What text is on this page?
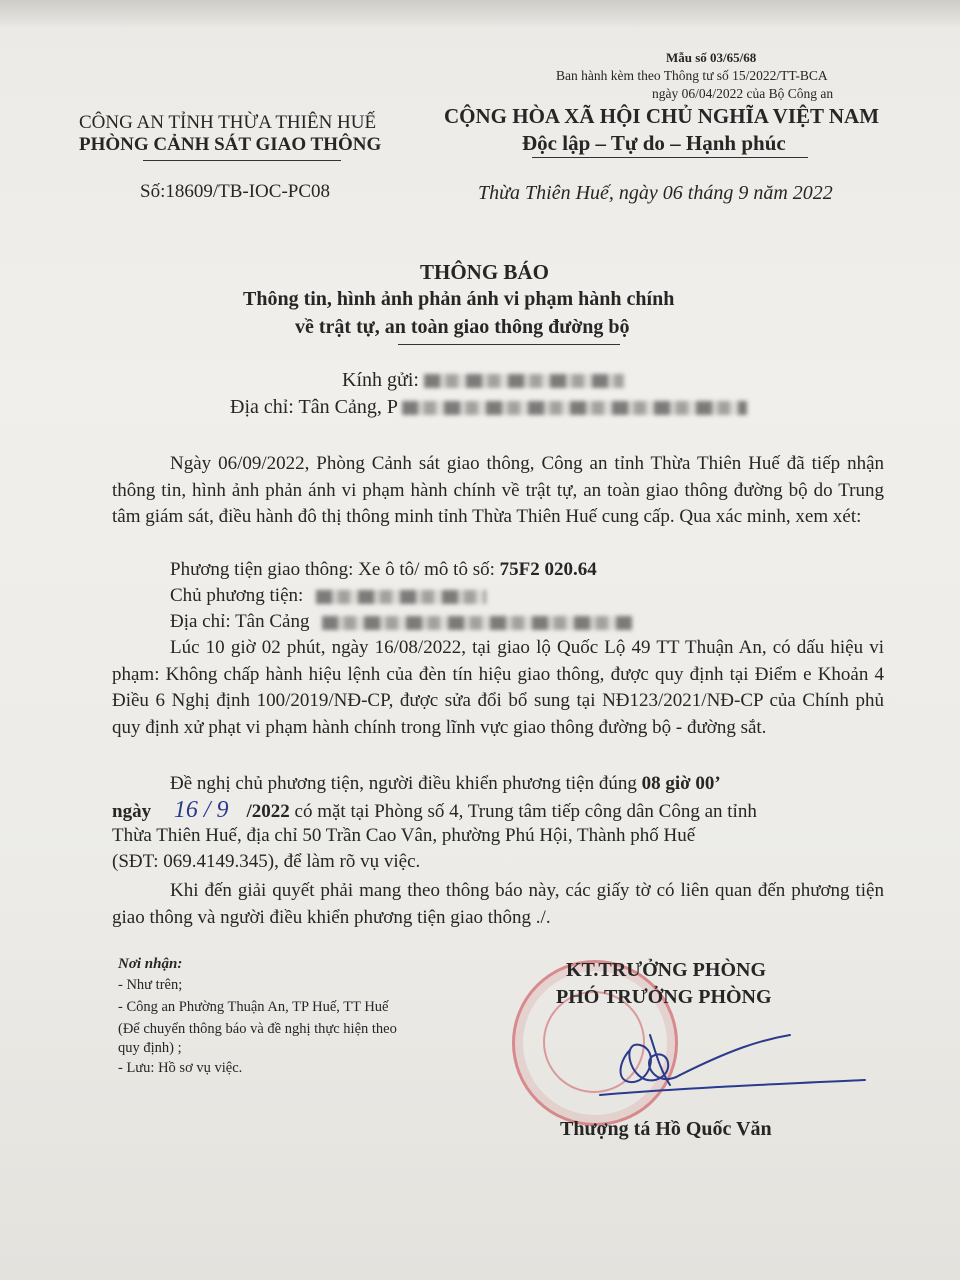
Mẫu số 03/65/68
Ban hành kèm theo Thông tư số 15/2022/TT-BCA
ngày 06/04/2022 của Bộ Công an
CÔNG AN TỈNH THỪA THIÊN HUẾ
PHÒNG CẢNH SÁT GIAO THÔNG
Số:18609/TB-IOC-PC08
CỘNG HÒA XÃ HỘI CHỦ NGHĨA VIỆT NAM
Độc lập – Tự do – Hạnh phúc
Thừa Thiên Huế, ngày 06 tháng 9 năm 2022
THÔNG BÁO
Thông tin, hình ảnh phản ánh vi phạm hành chính
về trật tự, an toàn giao thông đường bộ
Kính gửi:
Địa chỉ: Tân Cảng, P
Ngày 06/09/2022, Phòng Cảnh sát giao thông, Công an tỉnh Thừa Thiên Huế đã tiếp nhận thông tin, hình ảnh phản ánh vi phạm hành chính về trật tự, an toàn giao thông đường bộ do Trung tâm giám sát, điều hành đô thị thông minh tỉnh Thừa Thiên Huế cung cấp. Qua xác minh, xem xét:
Phương tiện giao thông: Xe ô tô/ mô tô số: 75F2 020.64
Chủ phương tiện:
Địa chỉ: Tân Cảng
Lúc 10 giờ 02 phút, ngày 16/08/2022, tại giao lộ Quốc Lộ 49 TT Thuận An, có dấu hiệu vi phạm: Không chấp hành hiệu lệnh của đèn tín hiệu giao thông, được quy định tại Điểm e Khoản 4 Điều 6 Nghị định 100/2019/NĐ-CP, được sửa đổi bổ sung tại NĐ123/2021/NĐ-CP của Chính phủ quy định xử phạt vi phạm hành chính trong lĩnh vực giao thông đường bộ - đường sắt.
Đề nghị chủ phương tiện, người điều khiển phương tiện đúng 08 giờ 00’
ngày 16 / 9 /2022 có mặt tại Phòng số 4, Trung tâm tiếp công dân Công an tỉnh
Thừa Thiên Huế, địa chỉ 50 Trần Cao Vân, phường Phú Hội, Thành phố Huế
(SĐT: 069.4149.345), để làm rõ vụ việc.
Khi đến giải quyết phải mang theo thông báo này, các giấy tờ có liên quan đến phương tiện giao thông và người điều khiển phương tiện giao thông ./.
Nơi nhận:
- Như trên;
- Công an Phường Thuận An, TP Huế, TT Huế
(Để chuyển thông báo và đề nghị thực hiện theo
quy định) ;
- Lưu: Hồ sơ vụ việc.
KT.TRƯỞNG PHÒNG
PHÓ TRƯỞNG PHÒNG
Thượng tá Hồ Quốc Văn
